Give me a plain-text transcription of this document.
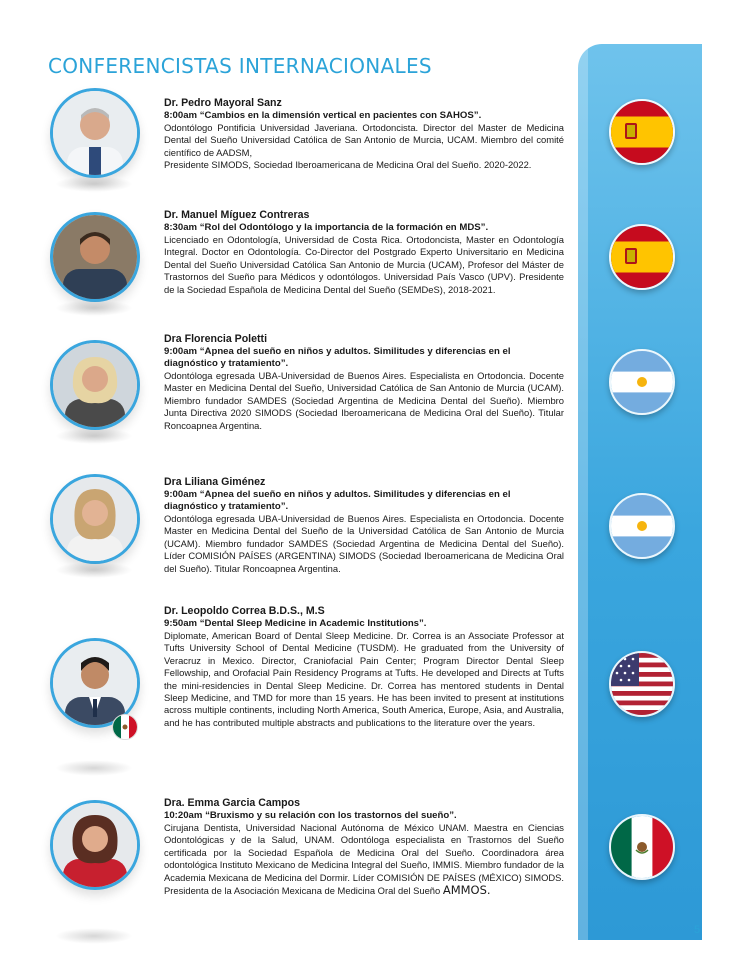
CONFERENCISTAS INTERNACIONALES
Dr. Pedro Mayoral Sanz
8:00am “Cambios en la dimensión vertical en pacientes con SAHOS”.
Odontólogo Pontificia Universidad Javeriana. Ortodoncista. Director del Master de Medicina Dental del Sueño Universidad Católica de San Antonio de Murcia, UCAM. Miembro del comité científico de AADSM,
Presidente SIMODS, Sociedad Iberoamericana de Medicina Oral del Sueño. 2020-2022.
Dr. Manuel Míguez Contreras
8:30am “Rol del Odontólogo y la importancia de la formación en MDS”.
Licenciado en Odontología, Universidad de Costa Rica. Ortodoncista, Master en Odontología Integral. Doctor en Odontología. Co-Director del Postgrado Experto Universitario en Medicina Dental del Sueño Universidad Católica San Antonio de Murcia (UCAM), Profesor del Máster de Trastornos del Sueño para Médicos y odontólogos. Universidad País Vasco (UPV). Presidente de la Sociedad Española de Medicina Dental del Sueño (SEMDeS), 2018-2021.
Dra Florencia Poletti
9:00am “Apnea del sueño en niños y adultos. Similitudes y diferencias en el diagnóstico y tratamiento”.
Odontóloga egresada UBA-Universidad de Buenos Aires. Especialista en Ortodoncia. Docente Master en Medicina Dental del Sueño, Universidad Católica de San Antonio de Murcia (UCAM). Miembro fundador SAMDES (Sociedad Argentina de Medicina Dental del Sueño). Miembro Junta Directiva 2020 SIMODS (Sociedad Iberoamericana de Medicina Oral del Sueño). Titular Roncoapnea Argentina.
Dra Liliana Giménez
9:00am “Apnea del sueño en niños y adultos. Similitudes y diferencias en el diagnóstico y tratamiento”.
Odontóloga egresada UBA-Universidad de Buenos Aires. Especialista en Ortodoncia. Docente Master en Medicina Dental del Sueño de la Universidad Católica de San Antonio de Murcia (UCAM). Miembro fundador SAMDES (Sociedad Argentina de Medicina Dental del Sueño). Líder COMISIÓN PAÍSES (ARGENTINA) SIMODS (Sociedad Iberoamericana de Medicina Oral del Sueño). Titular Roncoapnea Argentina.
Dr. Leopoldo Correa B.D.S., M.S
9:50am “Dental Sleep Medicine in Academic Institutions”.
Diplomate, American Board of Dental Sleep Medicine. Dr. Correa is an Associate Professor at Tufts University School of Dental Medicine (TUSDM). He graduated from the University of Veracruz in Mexico. Director, Craniofacial Pain Center; Program Director Dental Sleep Fellowship, and Orofacial Pain Residency Programs at Tufts. He developed and Directs at Tufts the mini-residencies in Dental Sleep Medicine. Dr. Correa has mentored students in Dental Sleep Medicine, and TMD for more than 15 years. He has been invited to present at institutions across multiple continents, including North America, South America, Europe, Asia, and Australia, and he has contributed multiple abstracts and publications to the literature over the years.
Dra. Emma Garcia Campos
10:20am “Bruxismo y su relación con los trastornos del sueño”.
Cirujana Dentista, Universidad Nacional Autónoma de México UNAM. Maestra en Ciencias Odontológicas y de la Salud, UNAM. Odontóloga especialista en Trastornos del Sueño certificada por la Sociedad Española de Medicina Oral del Sueño. Coordinadora área odontológica Instituto Mexicano de Medicina Integral del Sueño, IMMIS. Miembro fundador de la Academia Mexicana de Medicina del Dormir. Líder COMISIÓN DE PAÍSES (MÉXICO) SIMODS. Presidenta de la Asociación Mexicana de Medicina Oral del Sueño AMMOS.
5
